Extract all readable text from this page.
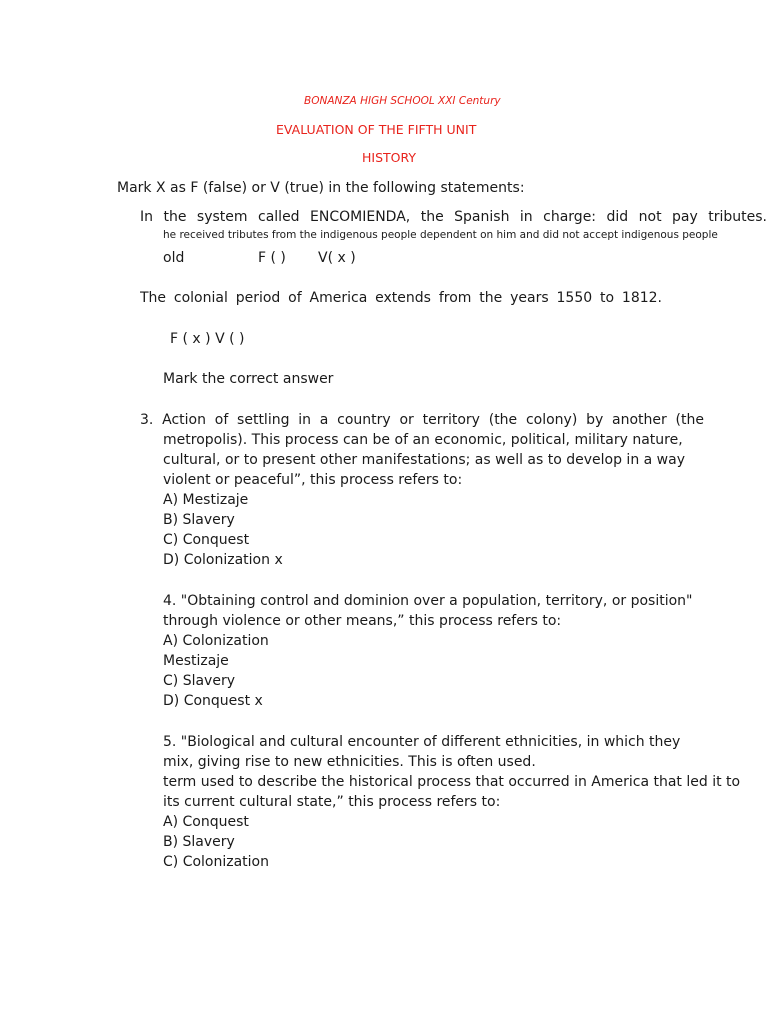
BONANZA HIGH SCHOOL XXI Century
EVALUATION OF THE FIFTH UNIT
HISTORY
Mark X as F (false) or V (true) in the following statements:
In the system called ENCOMIENDA, the Spanish in charge: did not pay tributes.
he received tributes from the indigenous people dependent on him and did not accept indigenous people
old	F ( ) V( x )
The colonial period of America extends from the years 1550 to 1812.
F ( x ) V ( )
Mark the correct answer
3. Action of settling in a country or territory (the colony) by another (the
metropolis). This process can be of an economic, political, military nature,
cultural, or to present other manifestations; as well as to develop in a way
violent or peaceful”, this process refers to:
A) Mestizaje
B) Slavery
C) Conquest
D) Colonization x
4. "Obtaining control and dominion over a population, territory, or position"
through violence or other means,” this process refers to:
A) Colonization
Mestizaje
C) Slavery
D) Conquest x
5. "Biological and cultural encounter of different ethnicities, in which they
mix, giving rise to new ethnicities. This is often used.
term used to describe the historical process that occurred in America that led it to
its current cultural state,” this process refers to:
A) Conquest
B) Slavery
C) Colonization
